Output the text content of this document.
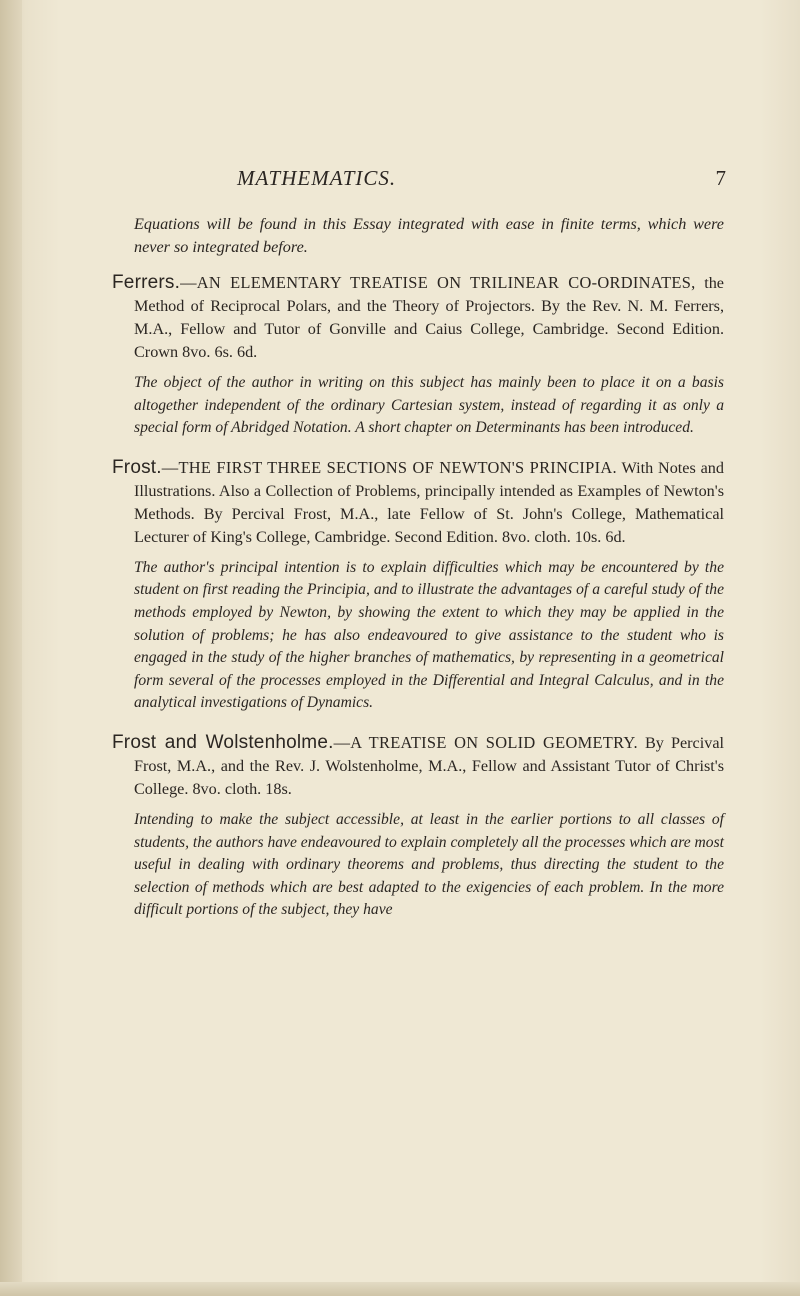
MATHEMATICS.	7

Equations will be found in this Essay integrated with ease in finite terms, which were never so integrated before.

Ferrers.—AN ELEMENTARY TREATISE ON TRILINEAR CO-ORDINATES, the Method of Reciprocal Polars, and the Theory of Projectors. By the Rev. N. M. Ferrers, M.A., Fellow and Tutor of Gonville and Caius College, Cambridge. Second Edition. Crown 8vo. 6s. 6d.

The object of the author in writing on this subject has mainly been to place it on a basis altogether independent of the ordinary Cartesian system, instead of regarding it as only a special form of Abridged Notation. A short chapter on Determinants has been introduced.

Frost.—THE FIRST THREE SECTIONS OF NEWTON'S PRINCIPIA. With Notes and Illustrations. Also a Collection of Problems, principally intended as Examples of Newton's Methods. By Percival Frost, M.A., late Fellow of St. John's College, Mathematical Lecturer of King's College, Cambridge. Second Edition. 8vo. cloth. 10s. 6d.

The author's principal intention is to explain difficulties which may be encountered by the student on first reading the Principia, and to illustrate the advantages of a careful study of the methods employed by Newton, by showing the extent to which they may be applied in the solution of problems; he has also endeavoured to give assistance to the student who is engaged in the study of the higher branches of mathematics, by representing in a geometrical form several of the processes employed in the Differential and Integral Calculus, and in the analytical investigations of Dynamics.

Frost and Wolstenholme.—A TREATISE ON SOLID GEOMETRY. By Percival Frost, M.A., and the Rev. J. Wolstenholme, M.A., Fellow and Assistant Tutor of Christ's College. 8vo. cloth. 18s.

Intending to make the subject accessible, at least in the earlier portions to all classes of students, the authors have endeavoured to explain completely all the processes which are most useful in dealing with ordinary theorems and problems, thus directing the student to the selection of methods which are best adapted to the exigencies of each problem. In the more difficult portions of the subject, they have
